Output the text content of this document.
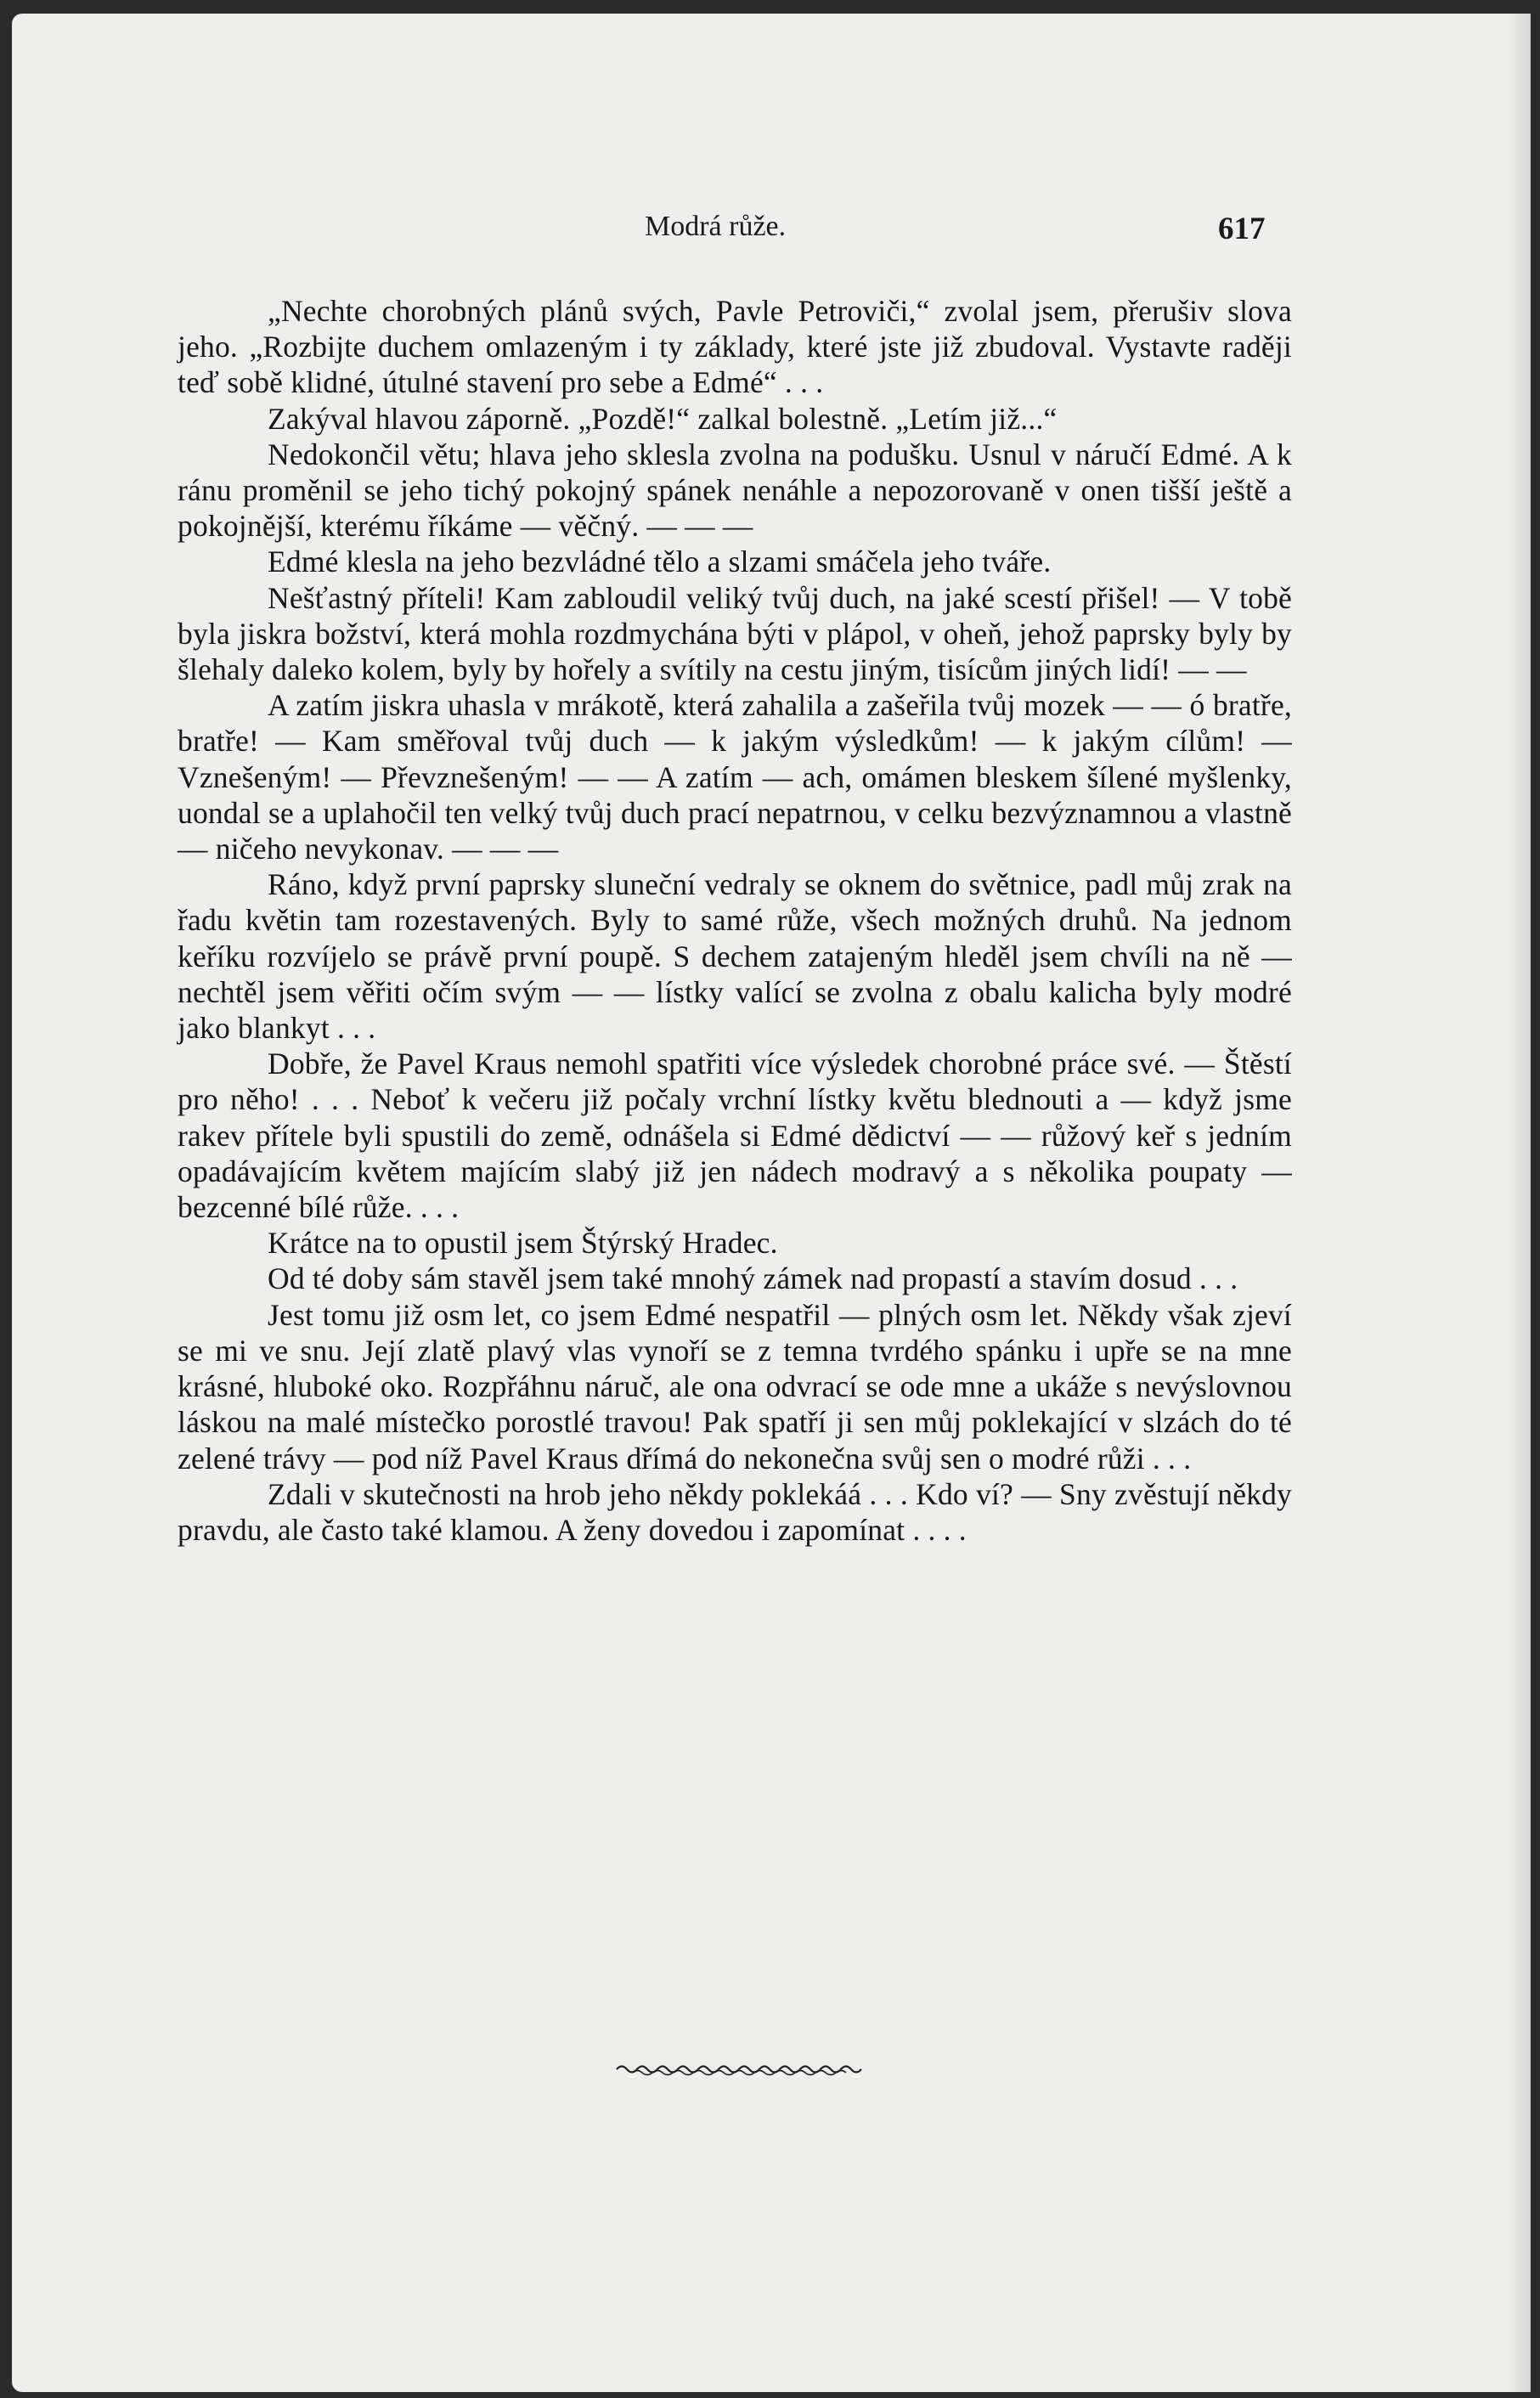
Modrá růže.	617

„Nechte chorobných plánů svých, Pavle Petroviči,“ zvolal jsem, přerušiv slova jeho. „Rozbijte duchem omlazeným i ty základy, které jste již zbudoval. Vystavte raději teď sobě klidné, útulné stavení pro sebe a Edmé“ . . .

Zakýval hlavou záporně. „Pozdě!“ zalkal bolestně. „Letím již...“

Nedokončil větu; hlava jeho sklesla zvolna na podušku. Usnul v náručí Edmé. A k ránu proměnil se jeho tichý pokojný spánek nenáhle a nepozorovaně v onen tišší ještě a pokojnější, kterému říkáme — věčný. — — —

Edmé klesla na jeho bezvládné tělo a slzami smáčela jeho tváře.

Nešťastný příteli! Kam zabloudil veliký tvůj duch, na jaké scestí přišel! — V tobě byla jiskra božství, která mohla rozdmychána býti v plápol, v oheň, jehož paprsky byly by šlehaly daleko kolem, byly by hořely a svítily na cestu jiným, tisícům jiných lidí! — —

A zatím jiskra uhasla v mrákotě, která zahalila a zašeřila tvůj mozek — — ó bratře, bratře! — Kam směřoval tvůj duch — k jakým výsledkům! — k jakým cílům! — Vznešeným! — Převznešeným! — — A zatím — ach, omámen bleskem šílené myšlenky, uondal se a uplahočil ten velký tvůj duch prací nepatrnou, v celku bezvýznamnou a vlastně — ničeho nevykonav. — — —

Ráno, když první paprsky sluneční vedraly se oknem do světnice, padl můj zrak na řadu květin tam rozestavených. Byly to samé růže, všech možných druhů. Na jednom keříku rozvíjelo se právě první poupě. S dechem zatajeným hleděl jsem chvíli na ně — nechtěl jsem věřiti očím svým — — lístky valící se zvolna z obalu kalicha byly modré jako blankyt . . .

Dobře, že Pavel Kraus nemohl spatřiti více výsledek chorobné práce své. — Štěstí pro něho! . . . Neboť k večeru již počaly vrchní lístky květu blednouti a — když jsme rakev přítele byli spustili do země, odnášela si Edmé dědictví — — růžový keř s jedním opadávajícím květem majícím slabý již jen nádech modravý a s několika poupaty — bezcenné bílé růže. . . .

Krátce na to opustil jsem Štýrský Hradec.

Od té doby sám stavěl jsem také mnohý zámek nad propastí a stavím dosud . . .

Jest tomu již osm let, co jsem Edmé nespatřil — plných osm let. Někdy však zjeví se mi ve snu. Její zlatě plavý vlas vynoří se z temna tvrdého spánku i upře se na mne krásné, hluboké oko. Rozpřáhnu náruč, ale ona odvrací se ode mne a ukáže s nevýslovnou láskou na malé místečko porostlé travou! Pak spatří ji sen můj poklekající v slzách do té zelené trávy — pod níž Pavel Kraus dřímá do nekonečna svůj sen o modré růži . . .

Zdali v skutečnosti na hrob jeho někdy poklekáá . . . Kdo ví? — Sny zvěstují někdy pravdu, ale často také klamou. A ženy dovedou i zapomínat . . . .
